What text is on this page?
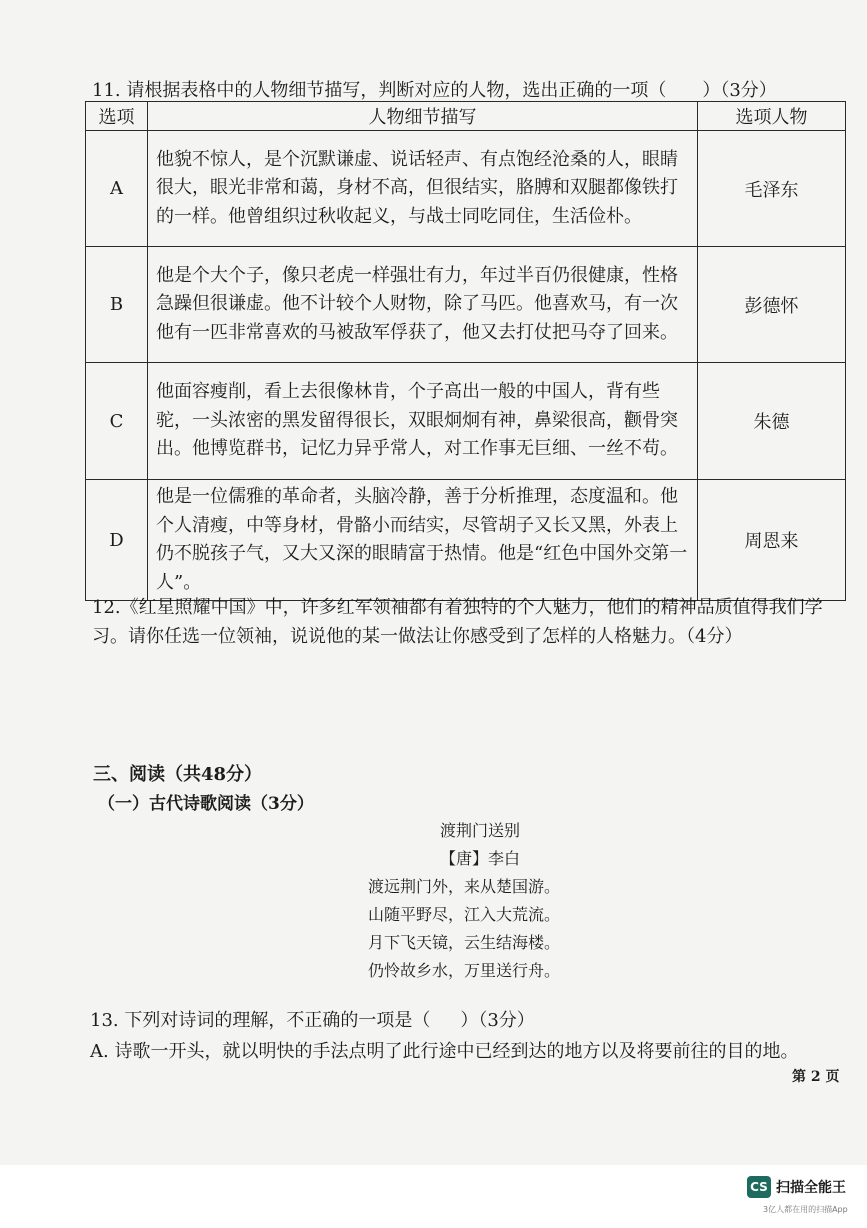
11. 请根据表格中的人物细节描写，判断对应的人物，选出正确的一项（ ）（3分）
选项	人物细节描写	选项人物
A	他貌不惊人，是个沉默谦虚、说话轻声、有点饱经沧桑的人，眼睛很大，眼光非常和蔼，身材不高，但很结实，胳膊和双腿都像铁打的一样。他曾组织过秋收起义，与战士同吃同住，生活俭朴。	毛泽东
B	他是个大个子，像只老虎一样强壮有力，年过半百仍很健康，性格急躁但很谦虚。他不计较个人财物，除了马匹。他喜欢马，有一次他有一匹非常喜欢的马被敌军俘获了，他又去打仗把马夺了回来。	彭德怀
C	他面容瘦削，看上去很像林肯，个子高出一般的中国人，背有些驼，一头浓密的黑发留得很长，双眼炯炯有神，鼻梁很高，颧骨突出。他博览群书，记忆力异乎常人，对工作事无巨细、一丝不苟。	朱德
D	他是一位儒雅的革命者，头脑冷静，善于分析推理，态度温和。他个人清瘦，中等身材，骨骼小而结实，尽管胡子又长又黑，外表上仍不脱孩子气，又大又深的眼睛富于热情。他是“红色中国外交第一人”。	周恩来
12.《红星照耀中国》中，许多红军领袖都有着独特的个人魅力，他们的精神品质值得我们学习。请你任选一位领袖，说说他的某一做法让你感受到了怎样的人格魅力。（4分）
三、阅读（共48分）
（一）古代诗歌阅读（3分）
渡荆门送别
【唐】李白
渡远荆门外，来从楚国游。
山随平野尽，江入大荒流。
月下飞天镜，云生结海楼。
仍怜故乡水，万里送行舟。
13. 下列对诗词的理解，不正确的一项是（ ）（3分）
A. 诗歌一开头，就以明快的手法点明了此行途中已经到达的地方以及将要前往的目的地。
第 2 页
CS 扫描全能王
3亿人都在用的扫描App
